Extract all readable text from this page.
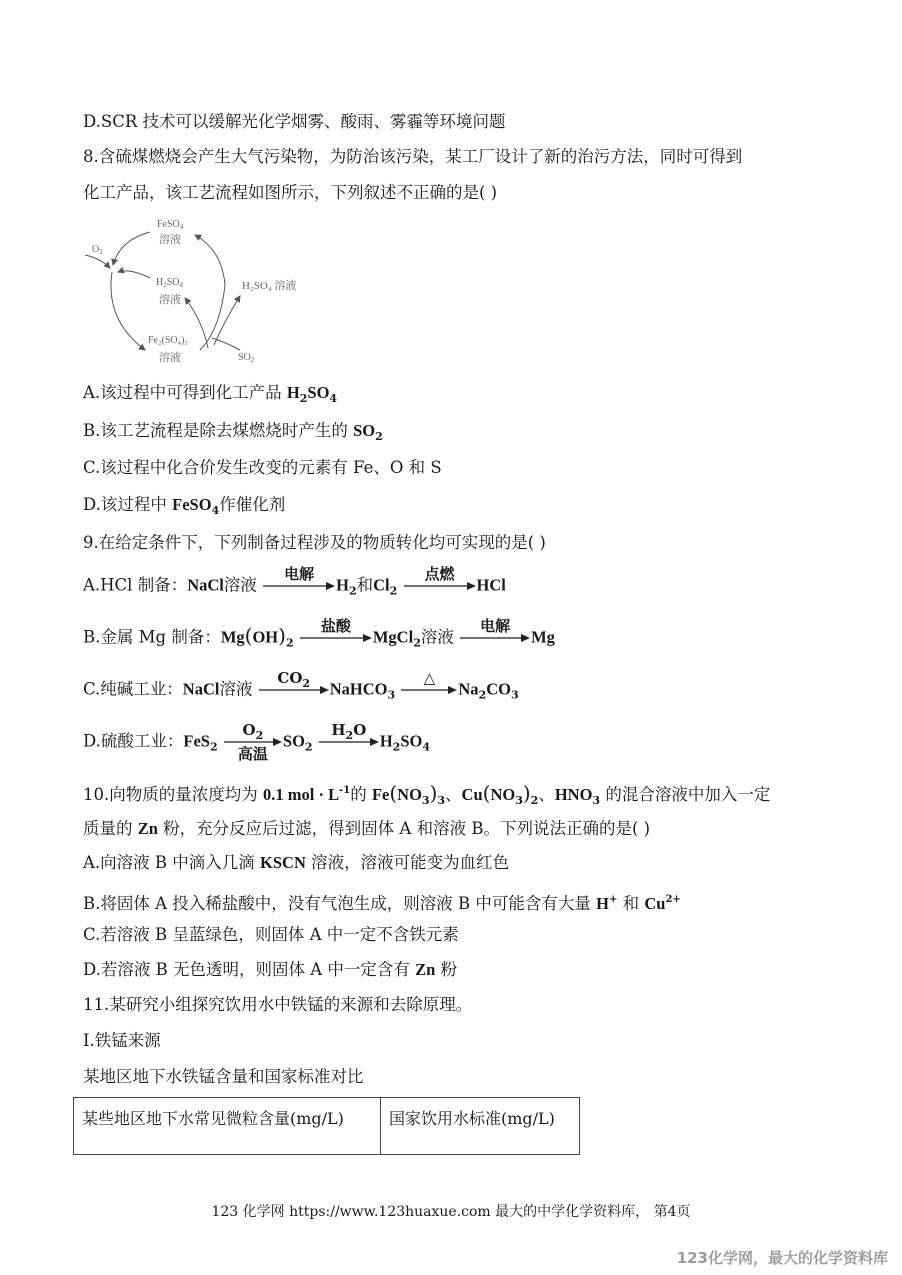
D.SCR 技术可以缓解光化学烟雾、酸雨、雾霾等环境问题
8.含硫煤燃烧会产生大气污染物，为防治该污染，某工厂设计了新的治污方法，同时可得到
化工产品，该工艺流程如图所示，下列叙述不正确的是( )
FeSO$_4$
溶液
$O_2$
$H_2SO_4$
溶液
H₂SO₄ 溶液
Fe₂(SO₄)₃
溶液	$SO_2$
A.该过程中可得到化工产品 $H_2SO_4$
B.该工艺流程是除去煤燃烧时产生的 $SO_2$
C.该过程中化合价发生改变的元素有 Fe、O 和 S
D.该过程中 FeSO$_4$作催化剂
9.在给定条件下，下列制备过程涉及的物质转化均可实现的是( )
A.HCl 制备：NaCl溶液
电解
$H_2$和$Cl_2$
点燃
HCl
B.金属 Mg 制备：$Mg(OH)_2$
盐酸
MgCl$_2$溶液
电解
Mg
C.纯碱工业：NaCl溶液
$CO_2$	NaHCO$_3$
△
$Na_2CO_3$
D.硫酸工业：FeS$_2$
$O_2$
高温
$SO_2$
$H_2O$
$H_2SO_4$
10.向物质的量浓度均为 0.1 mol · $L^{-1}$的 $Fe(NO_3)_3$、$Cu(NO_3)_2$、$HNO_3$ 的混合溶液中加入一定
质量的 Zn 粉，充分反应后过滤，得到固体 A 和溶液 B。下列说法正确的是( )
A.向溶液 B 中滴入几滴 KSCN 溶液，溶液可能变为血红色
B.将固体 A 投入稀盐酸中，没有气泡生成，则溶液 B 中可能含有大量 H+ 和 $Cu^{2+}$
C.若溶液 B 呈蓝绿色，则固体 A 中一定不含铁元素
D.若溶液 B 无色透明，则固体 A 中一定含有 Zn 粉
11.某研究小组探究饮用水中铁锰的来源和去除原理。
I.铁锰来源
某地区地下水铁锰含量和国家标准对比
某些地区地下水常见微粒含量(mg/L)	国家饮用水标准(mg/L)
123 化学网 https://www.123huaxue.com 最大的中学化学资料库， 第4页
123化学网，最大的化学资料库
